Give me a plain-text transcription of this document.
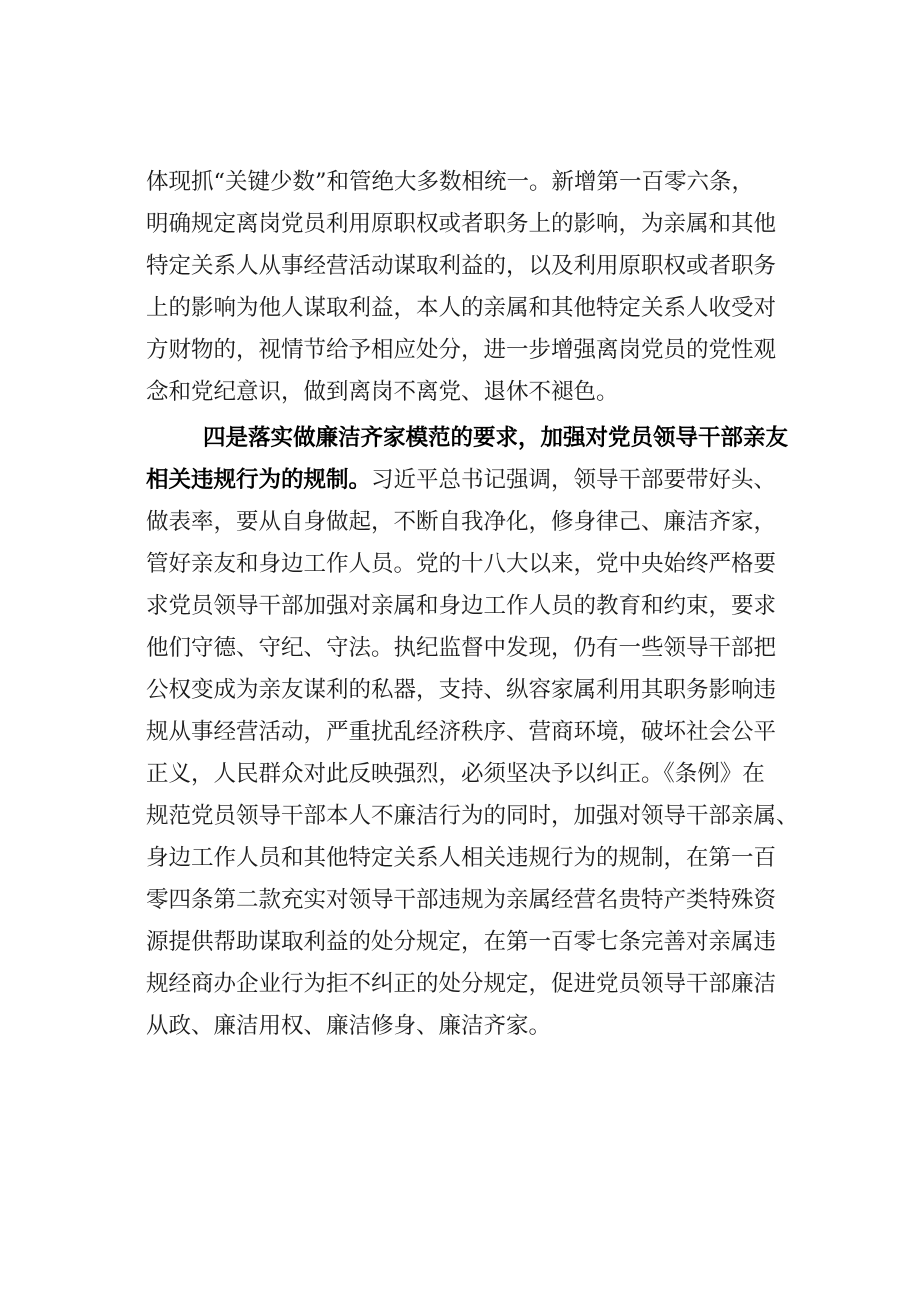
体现抓“关键少数”和管绝大多数相统一。新增第一百零六条，
明确规定离岗党员利用原职权或者职务上的影响，为亲属和其他
特定关系人从事经营活动谋取利益的，以及利用原职权或者职务
上的影响为他人谋取利益，本人的亲属和其他特定关系人收受对
方财物的，视情节给予相应处分，进一步增强离岗党员的党性观
念和党纪意识，做到离岗不离党、退休不褪色。
四是落实做廉洁齐家模范的要求，加强对党员领导干部亲友
相关违规行为的规制。习近平总书记强调，领导干部要带好头、
做表率，要从自身做起，不断自我净化，修身律己、廉洁齐家，
管好亲友和身边工作人员。党的十八大以来，党中央始终严格要
求党员领导干部加强对亲属和身边工作人员的教育和约束，要求
他们守德、守纪、守法。执纪监督中发现，仍有一些领导干部把
公权变成为亲友谋利的私器，支持、纵容家属利用其职务影响违
规从事经营活动，严重扰乱经济秩序、营商环境，破坏社会公平
正义，人民群众对此反映强烈，必须坚决予以纠正。《条例》在
规范党员领导干部本人不廉洁行为的同时，加强对领导干部亲属、
身边工作人员和其他特定关系人相关违规行为的规制，在第一百
零四条第二款充实对领导干部违规为亲属经营名贵特产类特殊资
源提供帮助谋取利益的处分规定，在第一百零七条完善对亲属违
规经商办企业行为拒不纠正的处分规定，促进党员领导干部廉洁
从政、廉洁用权、廉洁修身、廉洁齐家。
